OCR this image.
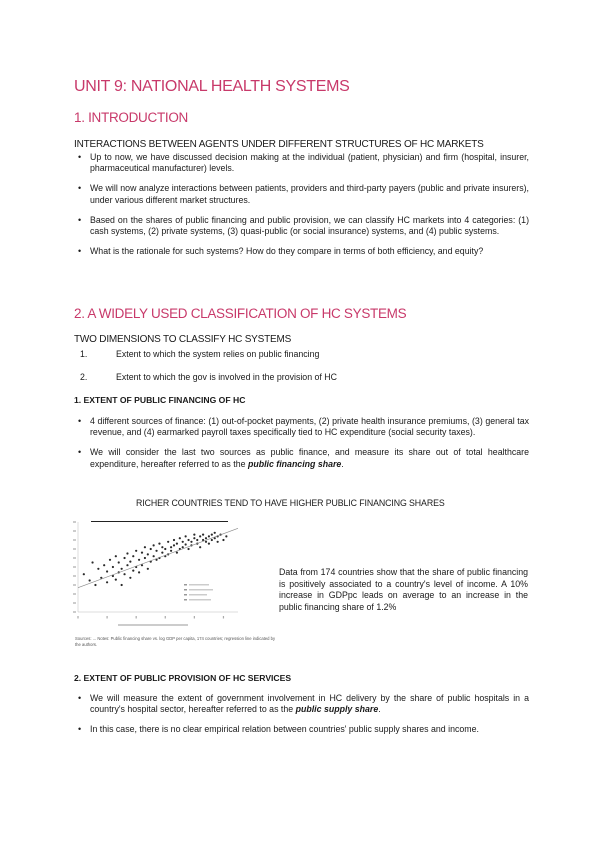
UNIT 9: NATIONAL HEALTH SYSTEMS
1. INTRODUCTION
INTERACTIONS BETWEEN AGENTS UNDER DIFFERENT STRUCTURES OF HC MARKETS
• Up to now, we have discussed decision making at the individual (patient, physician) and firm (hospital, insurer, pharmaceutical manufacturer) levels.
• We will now analyze interactions between patients, providers and third-party payers (public and private insurers), under various different market structures.
• Based on the shares of public financing and public provision, we can classify HC markets into 4 categories: (1) cash systems, (2) private systems, (3) quasi-public (or social insurance) systems, and (4) public systems.
• What is the rationale for such systems? How do they compare in terms of both efficiency, and equity?
2. A WIDELY USED CLASSIFICATION OF HC SYSTEMS
TWO DIMENSIONS TO CLASSIFY HC SYSTEMS
1.	Extent to which the system relies on public financing
2.	Extent to which the gov is involved in the provision of HC
1. EXTENT OF PUBLIC FINANCING OF HC
• 4 different sources of finance: (1) out-of-pocket payments, (2) private health insurance premiums, (3) general tax revenue, and (4) earmarked payroll taxes specifically tied to HC expenditure (social security taxes).
• We will consider the last two sources as public finance, and measure its share out of total healthcare expenditure, hereafter referred to as the public financing share.
RICHER COUNTRIES TEND TO HAVE HIGHER PUBLIC FINANCING SHARES
Sources: ... Notes: Public financing share vs. log GDP per capita, 174 countries; regression line indicated by the authors.
Data from 174 countries show that the share of public financing is positively associated to a country's level of income. A 10% increase in GDPpc leads on average to an increase in the public financing share of 1.2%
2. EXTENT OF PUBLIC PROVISION OF HC SERVICES
• We will measure the extent of government involvement in HC delivery by the share of public hospitals in a country's hospital sector, hereafter referred to as the public supply share.
• In this case, there is no clear empirical relation between countries' public supply shares and income.
